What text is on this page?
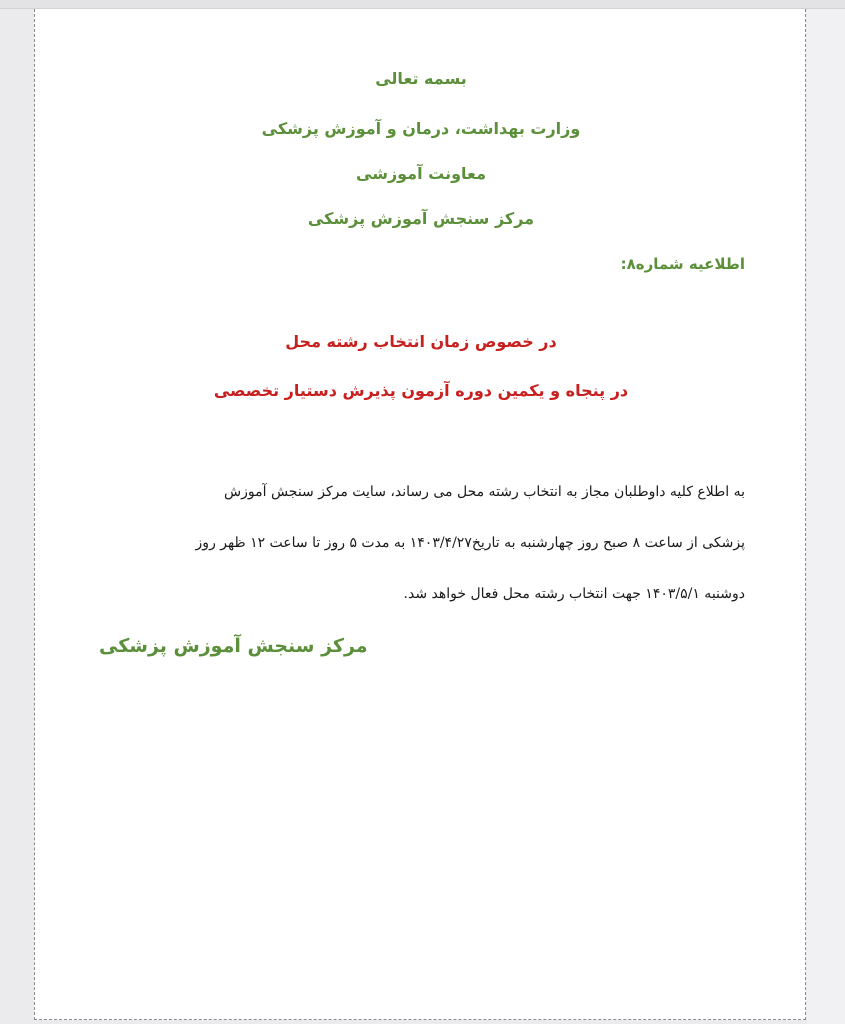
بسمه تعالی
وزارت بهداشت، درمان و آموزش پزشکی
معاونت آموزشی
مرکز سنجش آموزش پزشکی
اطلاعیه شماره۸:
در خصوص زمان انتخاب رشته محل
در پنجاه و یکمین دوره آزمون پذیرش دستیار تخصصی
به اطلاع کلیه داوطلبان مجاز به انتخاب رشته محل می رساند، سایت مرکز سنجش آموزش
پزشکی از ساعت ۸ صبح روز چهارشنبه به تاریخ۱۴۰۳/۴/۲۷ به مدت ۵ روز تا ساعت ۱۲ ظهر روز
دوشنبه ۱۴۰۳/۵/۱ جهت انتخاب رشته محل فعال خواهد شد.
مرکز سنجش آموزش پزشکی
